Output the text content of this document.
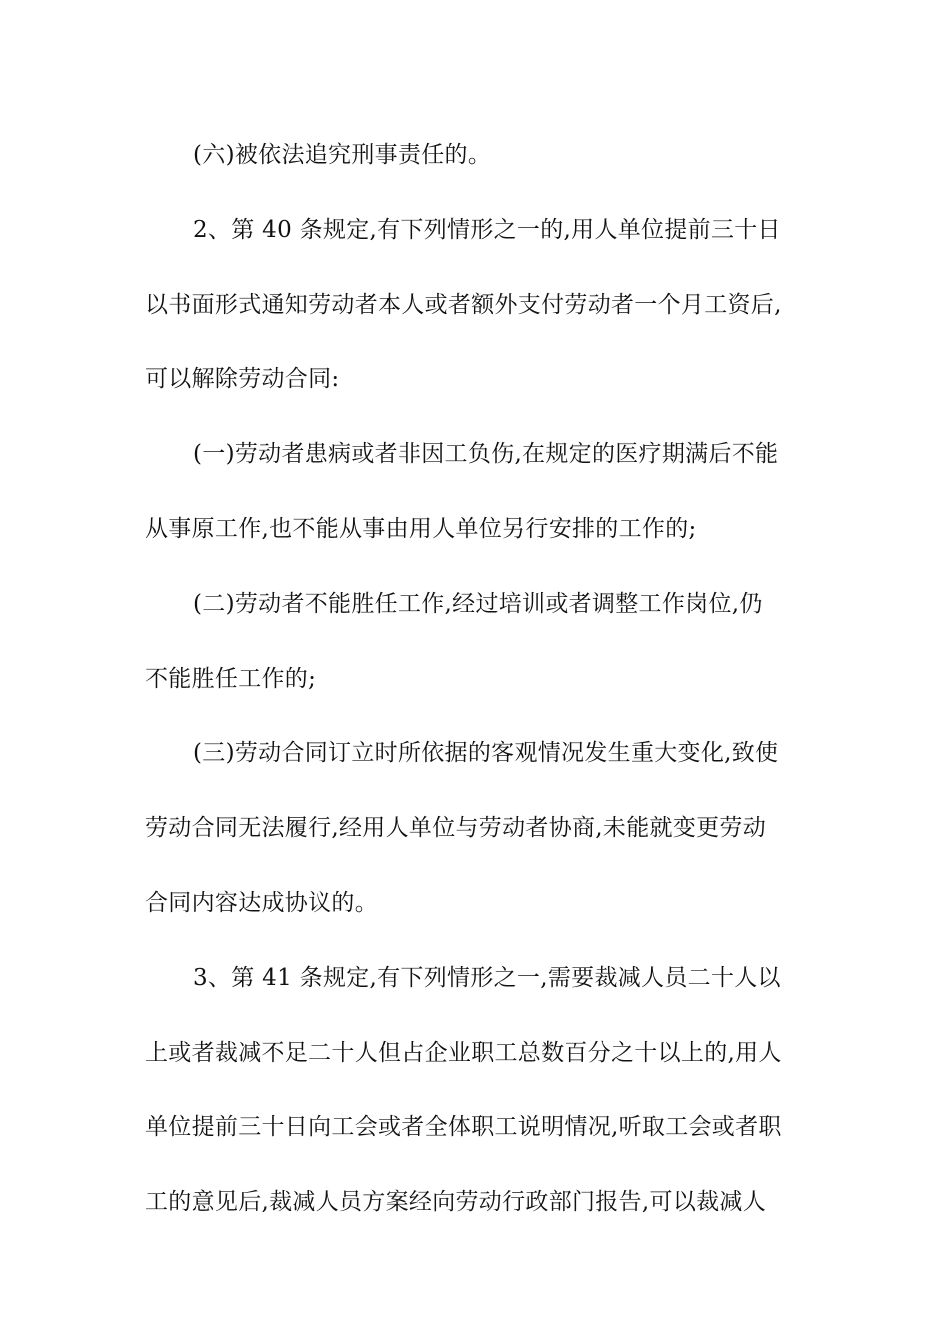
(六)被依法追究刑事责任的。
2、第 40 条规定,有下列情形之一的,用人单位提前三十日
以书面形式通知劳动者本人或者额外支付劳动者一个月工资后,
可以解除劳动合同:
(一)劳动者患病或者非因工负伤,在规定的医疗期满后不能
从事原工作,也不能从事由用人单位另行安排的工作的;
(二)劳动者不能胜任工作,经过培训或者调整工作岗位,仍
不能胜任工作的;
(三)劳动合同订立时所依据的客观情况发生重大变化,致使
劳动合同无法履行,经用人单位与劳动者协商,未能就变更劳动
合同内容达成协议的。
3、第 41 条规定,有下列情形之一,需要裁减人员二十人以
上或者裁减不足二十人但占企业职工总数百分之十以上的,用人
单位提前三十日向工会或者全体职工说明情况,听取工会或者职
工的意见后,裁减人员方案经向劳动行政部门报告,可以裁减人
